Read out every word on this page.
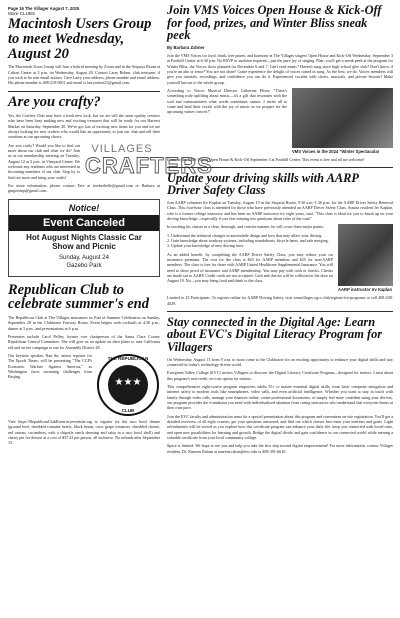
Page 16 The Villager August 7, 2025
More CLUBS
Macintosh Users Group to meet Wednesday, August 20
The Macintosh Users Group will host a hybrid meeting by Zoom and in the Sequoia Room at Cribari Center at 3 p.m. on Wednesday, August 20. Contact Larry Roben, club treasurer, if you wish to be sent email notices. Give Larry your address, phone number and email address. His phone number is 408-218-0651 and email is larryroben21@gmail.com.
Are you crafty?
Yes, the Crafters Club may have a fresh new look, but we are still the same quality creators who have been busy making new and exciting treasures that will be ready for our Harvest Market on Saturday, September 20. We've got lots of exciting new items for you and we are always looking for new crafters who would like an opportunity to join our club and sell their creations at our upcoming shows.
Are you crafty? Would you like to find out more about our club and what we do? Join us at our membership meeting on Tuesday, August 12 at 2 p.m. in Vineyard Center. We welcome any residents who are interested in becoming members of our club. Stop by to find out more and bring your crafts!
VILLAGES
CRAFTERS
For more information, please contact Tere at tereberbelle@gmail.com or Barbara at gingersnqs@gmail.com.
Notice!
Event Canceled
Hot August Nights Classic Car Show and Picnic
Sunday, August 24
Gazebo Park
Republican Club to celebrate summer's end
The Republican Club at The Villages announces its End of Summer Celebration on Sunday, September 28 in the Clubhouse Fairway Room. Event begins with cocktails at 4:30 p.m., dinner at 5 p.m., and presentations at 6 p.m.
Presenters include Carol Pelley, former vice chairperson of the Santa Clara County Republican Central Committee. She will give us an update on their plans to turn California red and on her campaign to run for Assembly District 28.
Our keynote speaker, Nan Su, senior reporter for The Epoch Times, will be presenting "The CCP's Economic Warfare Against America," as Washington faces mounting challenges from Beijing.
THE REPUBLICAN
★★★
CLUB
Visit https://RepublicanClubEvent.myeventsite.org to register for the taco bowl dinner (ground beef, shredded romaine hearts, black beans, corn, grape tomatoes, shredded cheese, red onions, cucumbers, with a chipotle ranch dressing and salsa in a taco bowl shell) and cherry pie for dessert at a cost of $37.42 per person, all inclusive. No refunds after September 13.
Join VMS Voices Open House & Kick-Off for food, prizes, and Winter Bliss sneak peek
By Barbara Zahner
Join the VMS Voices for food, drink, free prizes, and harmony at The Villages singers' Open House and Kick-Off Wednesday, September 3 at Foothill Center at 6:30 p.m. No RSVP or audition required—just the pure joy of singing. Plan: you'll get a sneak peek at the program for Winter Bliss, the Voices show planned for December 6 and 7. Can't read music? Haven't sung since high school glee club? Don't know if you're an alto or tenor? You are not alone! Come experience the delight of voices raised in song. As the best, we do, Voices members will give you tutorials, recordings, and confidence you can do it. Experienced vocalist with choirs, musicals, and private lessons? Make yourself known to the whole group.
According to Voices Musical Director Catherine Eltzer, "There's something truly uplifting about music—it's a gift that resonates with the soul and communicates what words sometimes cannot. I invite all to come and lend their vocals with the joy of music as we prepare for the upcoming winter concert!"
VMS Voices in the 2024 "Winter Spectacular
Come to the VMS Voices Open House & Kick-Off September 3 at Foothill Center. This event is free and all are welcome!
Update your driving skills with AARP Driver Safety Class
Join AARP volunteer Irv Kaplan on Tuesday, August 19 in the Sequoia Room, 9:30 a.m.-1:30 p.m. for the AARP Driver Safety Renewal Class. This four-hour class is intended for those who have previously attended an AARP Driver Safety Class. Sonata resident Irv Kaplan, who is a former college instructor and has been an AARP instructor for eight years, said, "This class is ideal for you to brush up on your driving knowledge—especially if you fear missing test questions about rules of the road."
In teaching his classes in a clear, thorough, and concise manner, he will cover three major points:
1. Understand the technical changes in automobile design and how that may affect your driving.
2. Gain knowledge about roadway systems, including roundabouts, bicycle lanes, and safe merging.
3. Update your knowledge of new driving laws.
As an added benefit, by completing the AARP Driver Safety Class, you may reduce your car insurance premium. The cost for the class is $20 for AARP members and $25 for non-AARP members. The class is free for those with AARP United Healthcare Supplemental Insurance. You will need to show proof of insurance and AARP membership. You may pay with cash or checks. Checks are made out to AARP. Credit cards are not accepted. Cash and checks will be collected at the door on August 19. No—you may bring food and drink to the class.
AARP instructor Irv Kaplan
Limited to 25 Participants. To register online for AARP Driving Safety, visit vmavillages.vgcc.club/register-for-programs or call 408-238-4029.
Stay connected in the Digital Age: Learn about EVC's Digital Literacy Program for Villagers
On Wednesday, August 13 from 9 a.m. to noon come to the Clubhouse for an exciting opportunity to enhance your digital skills and stay connected in today's technology-driven world.
Evergreen Valley College (EVC) invites Villagers to discover the Digital Literacy Certificate Program—designed for seniors. Learn about this program's non-credit, no-cost option for seniors.
This comprehensive eight-course program empowers adults 55+ to master essential digital skills, from basic computer navigation and internet safety to modern tools like smartphones, video calls, and even artificial intelligence. Whether you want to stay in touch with family through video calls, manage your finances online, create professional documents, or simply feel more confident using your devices, our program provides the foundation you need with individualized attention from caring instructors who understand that everyone learns at their own pace.
Join the EVC faculty and administration team for a special presentation about this program and convenient on-site registration. You'll get a detailed overview of all eight courses, get your questions answered, and find out which classes best meet your interests and goals. Light refreshments will be served as you explore how this certificate program can enhance your daily life, keep you connected with loved ones, and open new possibilities for learning and growth. Bridge the digital divide and gain confidence in our connected world while earning a valuable certificate from your local community college.
Space is limited. We hope to see you and help you take the first step toward digital empowerment! For more information, contact Villages resident, Dr. Nasreen Rahim at nasreen.rahim@evc.edu or 408-391-6610.
